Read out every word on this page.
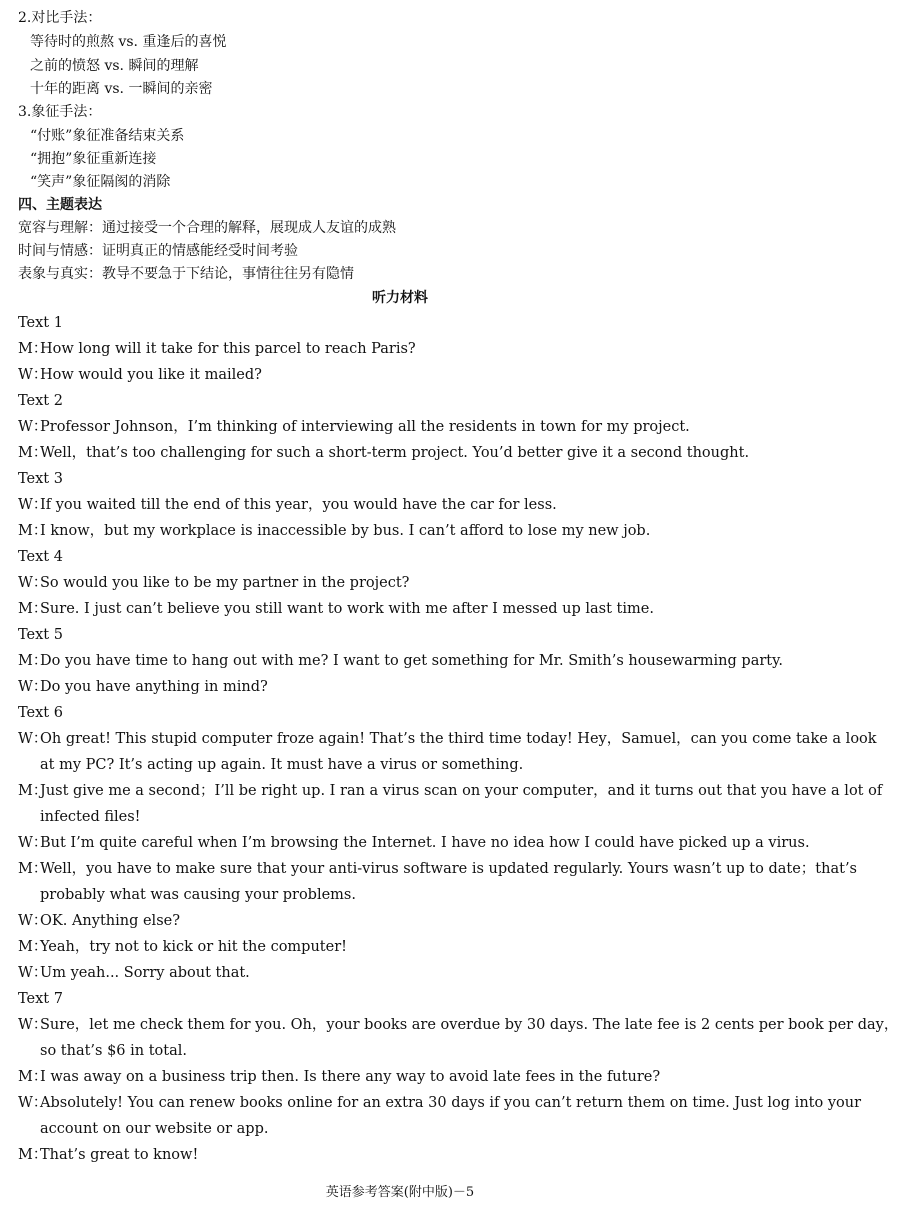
2.对比手法：
等待时的煎熬 vs. 重逢后的喜悦
之前的愤怒 vs. 瞬间的理解
十年的距离 vs. 一瞬间的亲密
3.象征手法：
“付账”象征准备结束关系
“拥抱”象征重新连接
“笑声”象征隔阂的消除
四、主题表达
宽容与理解：通过接受一个合理的解释，展现成人友谊的成熟
时间与情感：证明真正的情感能经受时间考验
表象与真实：教导不要急于下结论，事情往往另有隐情
听力材料
Text 1
M：How long will it take for this parcel to reach Paris?
W：How would you like it mailed?
Text 2
W：Professor Johnson，I’m thinking of interviewing all the residents in town for my project.
M：Well，that’s too challenging for such a short-term project. You’d better give it a second thought.
Text 3
W：If you waited till the end of this year，you would have the car for less.
M：I know，but my workplace is inaccessible by bus. I can’t afford to lose my new job.
Text 4
W：So would you like to be my partner in the project?
M：Sure. I just can’t believe you still want to work with me after I messed up last time.
Text 5
M：Do you have time to hang out with me? I want to get something for Mr. Smith’s housewarming party.
W：Do you have anything in mind?
Text 6
W：Oh great! This stupid computer froze again! That’s the third time today! Hey，Samuel，can you come take a look
at my PC? It’s acting up again. It must have a virus or something.
M：Just give me a second；I’ll be right up. I ran a virus scan on your computer，and it turns out that you have a lot of
infected files!
W：But I’m quite careful when I’m browsing the Internet. I have no idea how I could have picked up a virus.
M：Well，you have to make sure that your anti-virus software is updated regularly. Yours wasn’t up to date；that’s
probably what was causing your problems.
W：OK. Anything else?
M：Yeah，try not to kick or hit the computer!
W：Um yeah... Sorry about that.
Text 7
W：Sure，let me check them for you. Oh，your books are overdue by 30 days. The late fee is 2 cents per book per day，
so that’s $6 in total.
M：I was away on a business trip then. Is there any way to avoid late fees in the future?
W：Absolutely! You can renew books online for an extra 30 days if you can’t return them on time. Just log into your
account on our website or app.
M：That’s great to know!
英语参考答案(附中版)－5
